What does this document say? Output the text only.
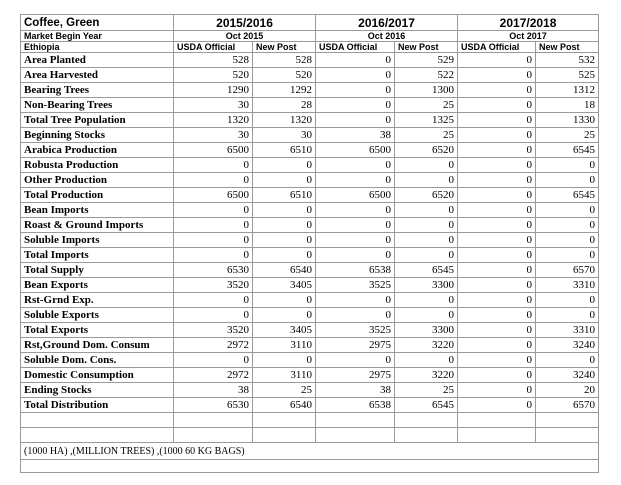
Coffee, Green	2015/2016		2016/2017		2017/2018	
Market Begin Year	Oct 2015		Oct 2016		Oct 2017	
Ethiopia	USDA Official	New Post	USDA Official	New Post	USDA Official	New Post
Area Planted	528	528	0	529	0	532
Area Harvested	520	520	0	522	0	525
Bearing Trees	1290	1292	0	1300	0	1312
Non-Bearing Trees	30	28	0	25	0	18
Total Tree Population	1320	1320	0	1325	0	1330
Beginning Stocks	30	30	38	25	0	25
Arabica Production	6500	6510	6500	6520	0	6545
Robusta Production	0	0	0	0	0	0
Other Production	0	0	0	0	0	0
Total Production	6500	6510	6500	6520	0	6545
Bean Imports	0	0	0	0	0	0
Roast & Ground Imports	0	0	0	0	0	0
Soluble Imports	0	0	0	0	0	0
Total Imports	0	0	0	0	0	0
Total Supply	6530	6540	6538	6545	0	6570
Bean Exports	3520	3405	3525	3300	0	3310
Rst-Grnd Exp.	0	0	0	0	0	0
Soluble Exports	0	0	0	0	0	0
Total Exports	3520	3405	3525	3300	0	3310
Rst,Ground Dom. Consum	2972	3110	2975	3220	0	3240
Soluble Dom. Cons.	0	0	0	0	0	0
Domestic Consumption	2972	3110	2975	3220	0	3240
Ending Stocks	38	25	38	25	0	20
Total Distribution	6530	6540	6538	6545	0	6570

(1000 HA) ,(MILLION TREES) ,(1000 60 KG BAGS)						
